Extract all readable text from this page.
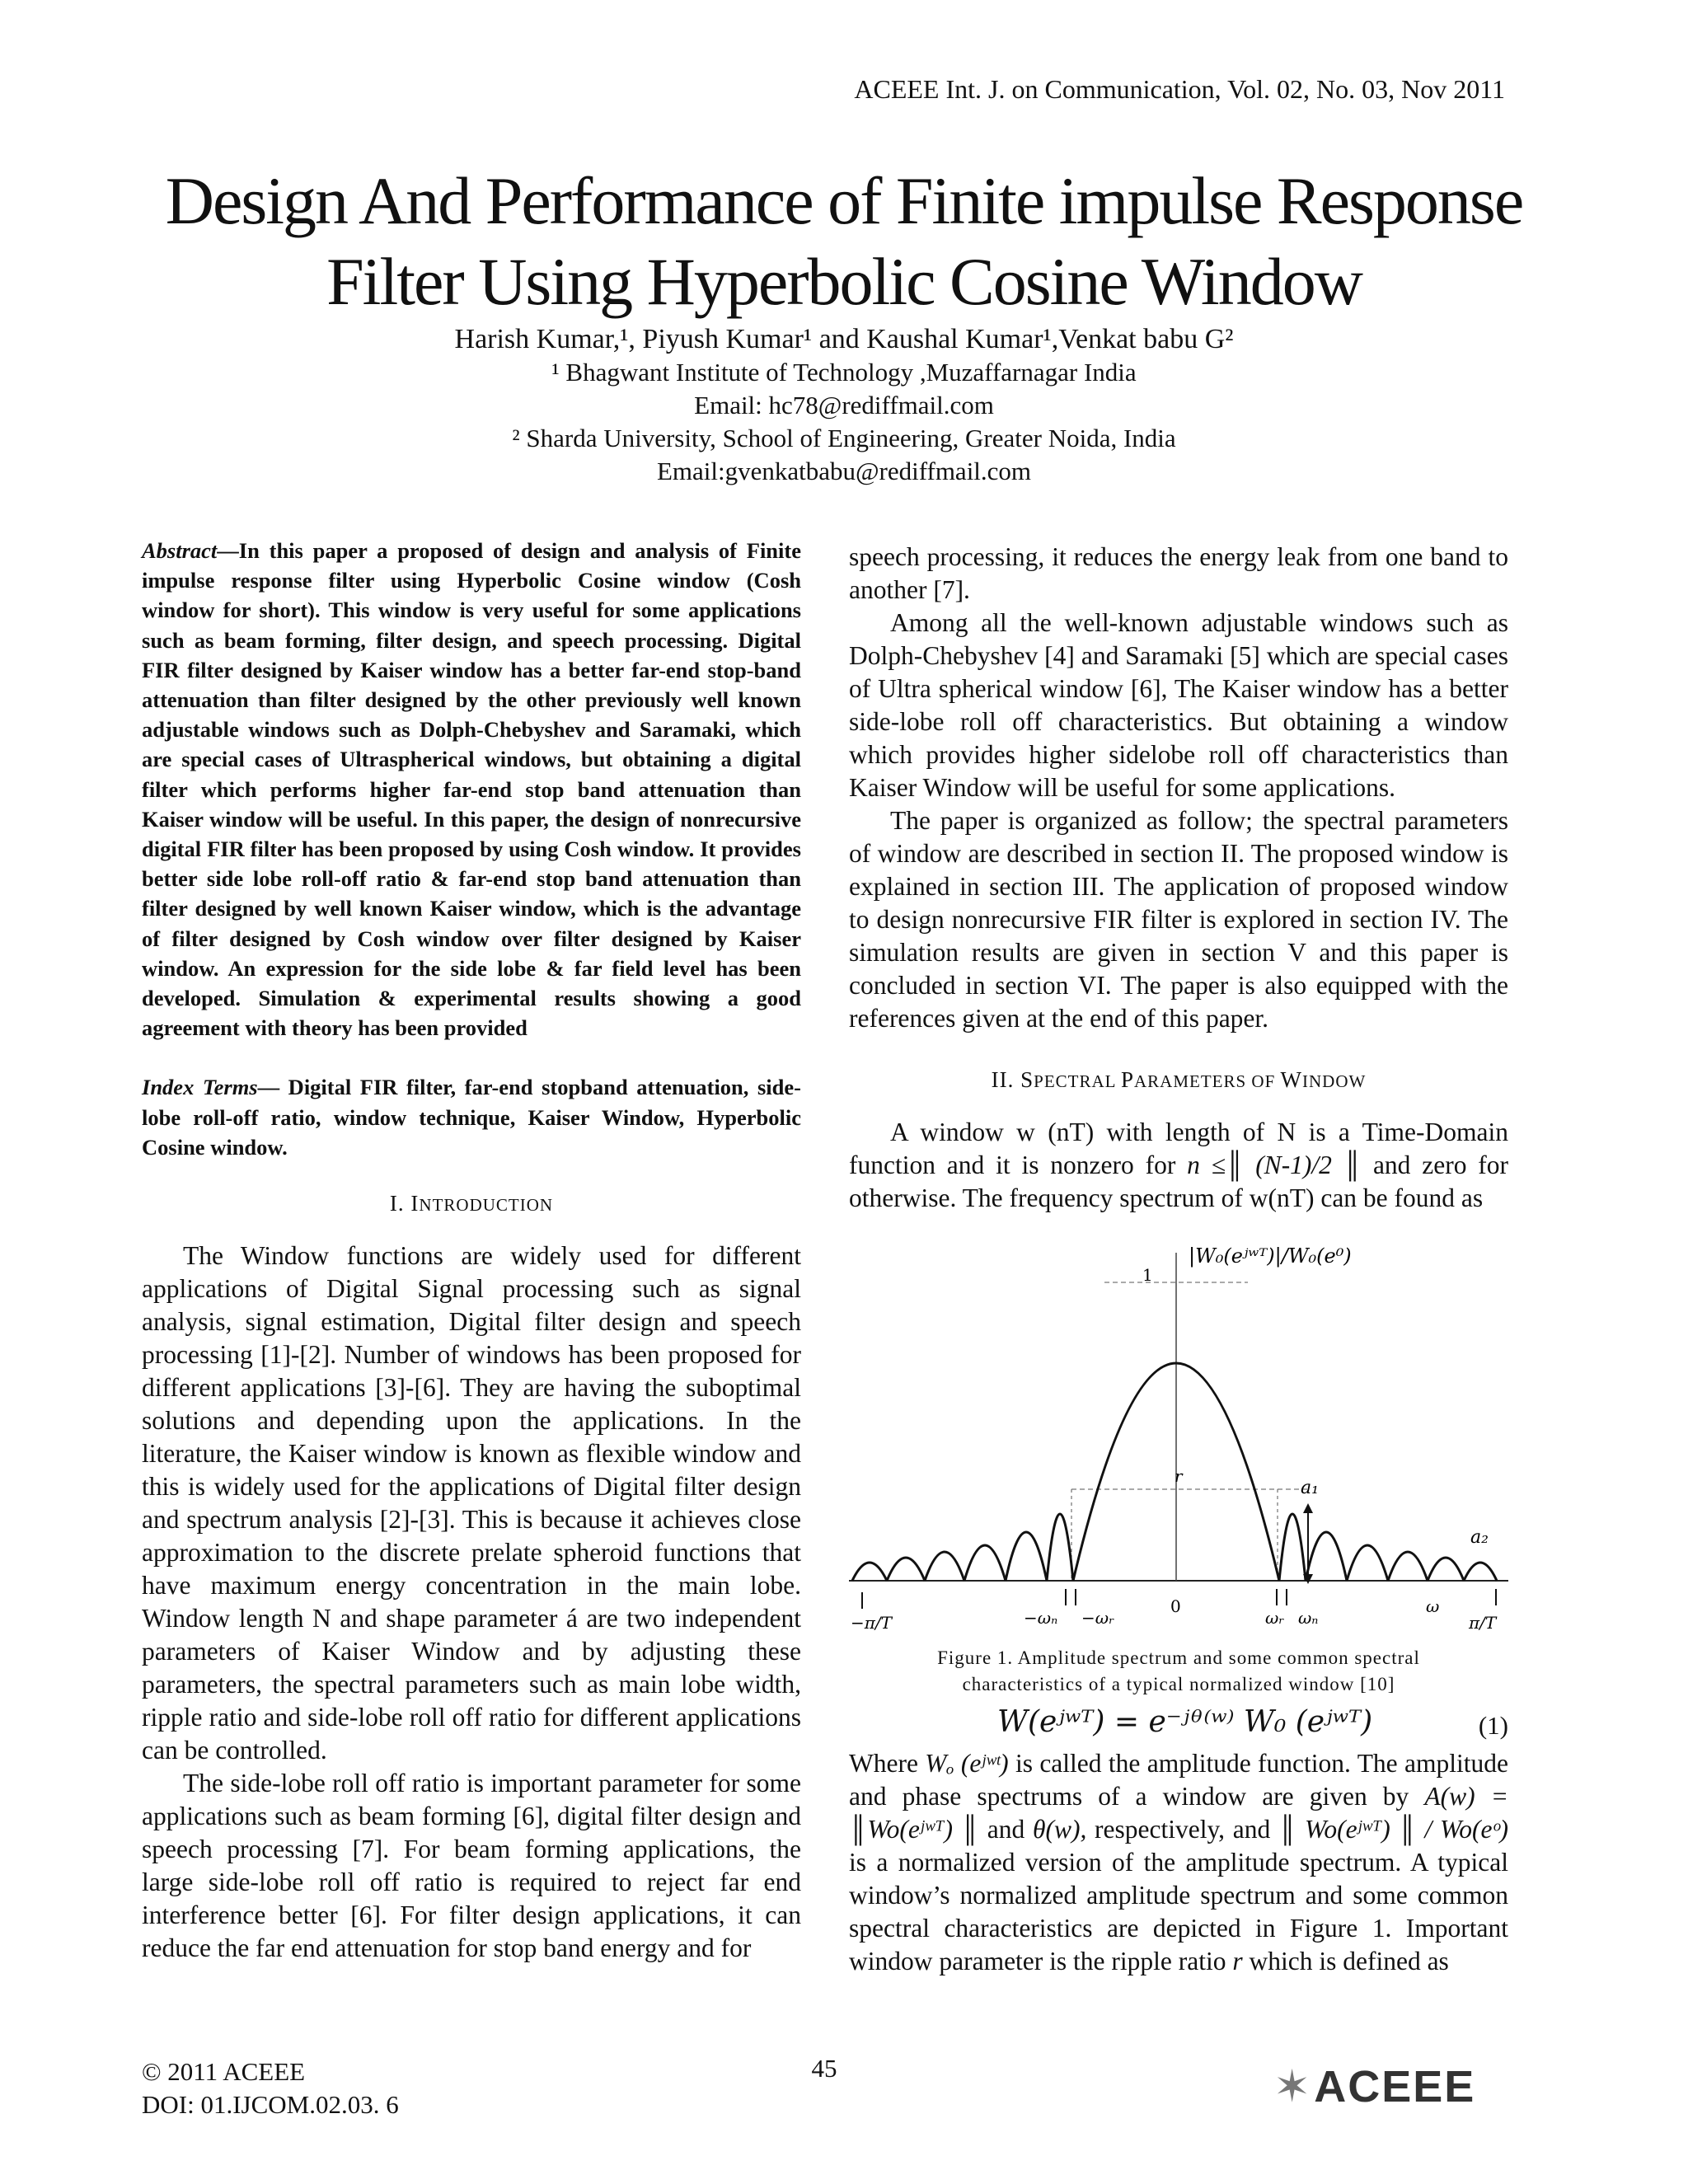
ACEEE Int. J. on Communication, Vol. 02, No. 03, Nov 2011
Design And Performance of Finite impulse Response
Filter Using Hyperbolic Cosine Window
Harish Kumar,¹, Piyush Kumar¹ and Kaushal Kumar¹,Venkat babu G²
¹ Bhagwant Institute of Technology ,Muzaffarnagar India
Email: hc78@rediffmail.com
² Sharda University, School of Engineering, Greater Noida, India
Email:gvenkatbabu@rediffmail.com

Abstract—In this paper a proposed of design and analysis of Finite impulse response filter using Hyperbolic Cosine window (Cosh window for short). This window is very useful for some applications such as beam forming, filter design, and speech processing. Digital FIR filter designed by Kaiser window has a better far-end stop-band attenuation than filter designed by the other previously well known adjustable windows such as Dolph-Chebyshev and Saramaki, which are special cases of Ultraspherical windows, but obtaining a digital filter which performs higher far-end stop band attenuation than Kaiser window will be useful. In this paper, the design of nonrecursive digital FIR filter has been proposed by using Cosh window. It provides better side lobe roll-off ratio & far-end stop band attenuation than filter designed by well known Kaiser window, which is the advantage of filter designed by Cosh window over filter designed by Kaiser window. An expression for the side lobe & far field level has been developed. Simulation & experimental results showing a good agreement with theory has been provided

Index Terms— Digital FIR filter, far-end stopband attenuation, side-lobe roll-off ratio, window technique, Kaiser Window, Hyperbolic Cosine window.

I. INTRODUCTION

The Window functions are widely used for different applications of Digital Signal processing such as signal analysis, signal estimation, Digital filter design and speech processing [1]-[2]. Number of windows has been proposed for different applications [3]-[6]. They are having the suboptimal solutions and depending upon the applications. In the literature, the Kaiser window is known as flexible window and this is widely used for the applications of Digital filter design and spectrum analysis [2]-[3]. This is because it achieves close approximation to the discrete prelate spheroid functions that have maximum energy concentration in the main lobe. Window length N and shape parameter á are two independent parameters of Kaiser Window and by adjusting these parameters, the spectral parameters such as main lobe width, ripple ratio and side-lobe roll off ratio for different applications can be controlled.

The side-lobe roll off ratio is important parameter for some applications such as beam forming [6], digital filter design and speech processing [7]. For beam forming applications, the large side-lobe roll off ratio is required to reject far end interference better [6]. For filter design applications, it can reduce the far end attenuation for stop band energy and for

speech processing, it reduces the energy leak from one band to another [7].

Among all the well-known adjustable windows such as Dolph-Chebyshev [4] and Saramaki [5] which are special cases of Ultra spherical window [6], The Kaiser window has a better side-lobe roll off characteristics. But obtaining a window which provides higher sidelobe roll off characteristics than Kaiser Window will be useful for some applications.

The paper is organized as follow; the spectral parameters of window are described in section II. The proposed window is explained in section III. The application of proposed window to design nonrecursive FIR filter is explored in section IV. The simulation results are given in section V and this paper is concluded in section VI. The paper is also equipped with the references given at the end of this paper.

II. SPECTRAL PARAMETERS OF WINDOW

A window w (nT) with length of N is a Time-Domain function and it is nonzero for n ≤║ (N-1)/2 ║ and zero for otherwise. The frequency spectrum of w(nT) can be found as

|W₀(eʲʷᵀ)|/W₀(e⁰)
1
r
a₁
a₂
−π/T	−ωₙ −ωᵣ
0
ωᵣ ωₙ
ω
π/T
Figure 1. Amplitude spectrum and some common spectral
characteristics of a typical normalized window [10]
W(eʲʷᵀ) = e⁻ʲᶿ⁽ʷ⁾ W₀ (eʲʷᵀ)	(1)

Where Wₒ (eʲʷᵗ) is called the amplitude function. The amplitude and phase spectrums of a window are given by A(w) = ║Wo(eʲʷᵀ) ║ and θ(w), respectively, and ║ Wo(eʲʷᵀ) ║ / Wo(eᵒ) is a normalized version of the amplitude spectrum. A typical window’s normalized amplitude spectrum and some common spectral characteristics are depicted in Figure 1. Important window parameter is the ripple ratio r which is defined as

© 2011 ACEEE
DOI: 01.IJCOM.02.03. 6
45	✶ACEEE
